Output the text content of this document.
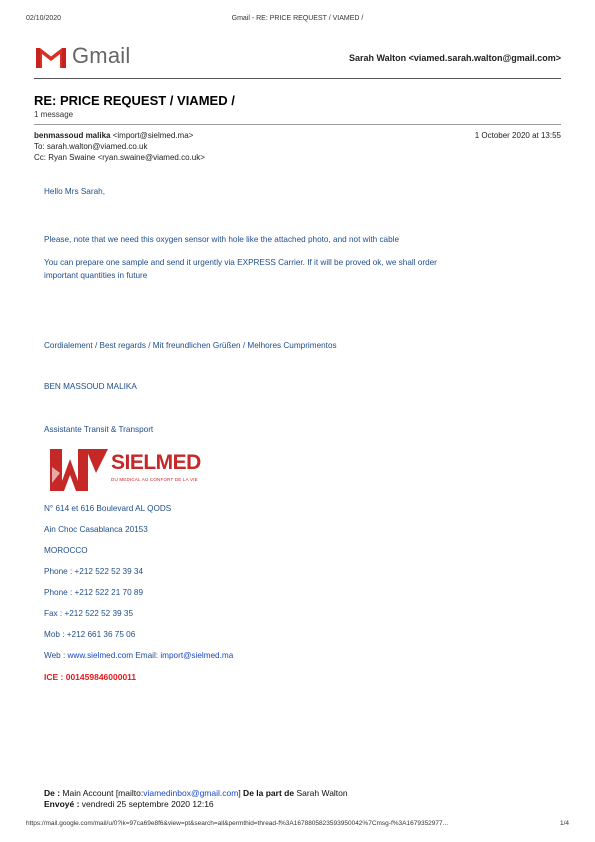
02/10/2020	Gmail - RE: PRICE REQUEST / VIAMED /
Gmail	Sarah Walton <viamed.sarah.walton@gmail.com>
RE: PRICE REQUEST / VIAMED /
1 message
benmassoud malika <import@sielmed.ma>	1 October 2020 at 13:55
To: sarah.walton@viamed.co.uk
Cc: Ryan Swaine <ryan.swaine@viamed.co.uk>
Hello Mrs Sarah,
Please, note that we need this oxygen sensor with hole like the attached photo, and not with cable
You can prepare one sample and send it urgently via EXPRESS Carrier. If it will be proved ok, we shall order
important quantities in future
Cordialement / Best regards / Mit freundlichen Grüßen / Melhores Cumprimentos
BEN MASSOUD MALIKA
Assistante Transit & Transport
SIELMED
DU MEDICAL AU CONFORT DE LA VIE
N° 614 et 616 Boulevard AL QODS
Ain Choc Casablanca 20153
MOROCCO
Phone : +212 522 52 39 34
Phone : +212 522 21 70 89
Fax : +212 522 52 39 35
Mob : +212 661 36 75 06
Web : www.sielmed.com Email: import@sielmed.ma
ICE : 001459846000011
De : Main Account [mailto:viamedinbox@gmail.com] De la part de Sarah Walton
Envoyé : vendredi 25 septembre 2020 12:16
https://mail.google.com/mail/u/0?ik=97ca69e8f6&view=pt&search=all&permthid=thread-f%3A1678805823593950042%7Cmsg-f%3A1679352977...	1/4
